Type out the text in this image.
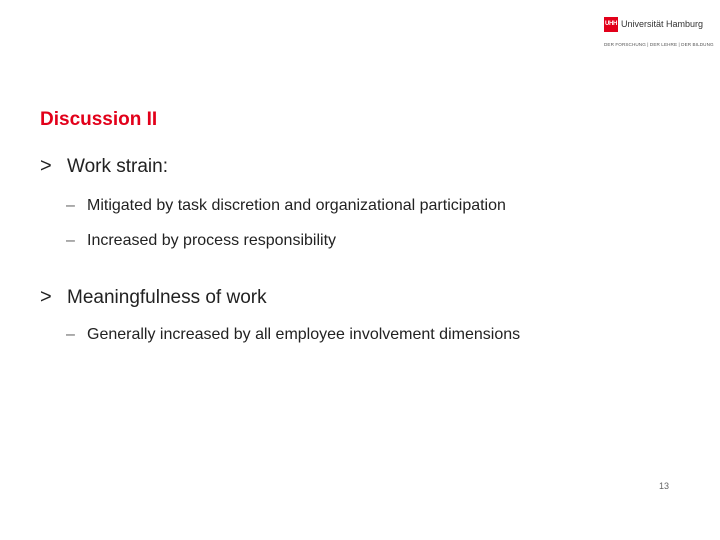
UHH Universität Hamburg
DER FORSCHUNG | DER LEHRE | DER BILDUNG
Discussion II
> Work strain:
– Mitigated by task discretion and organizational participation
– Increased by process responsibility
> Meaningfulness of work
– Generally increased by all employee involvement dimensions
13
